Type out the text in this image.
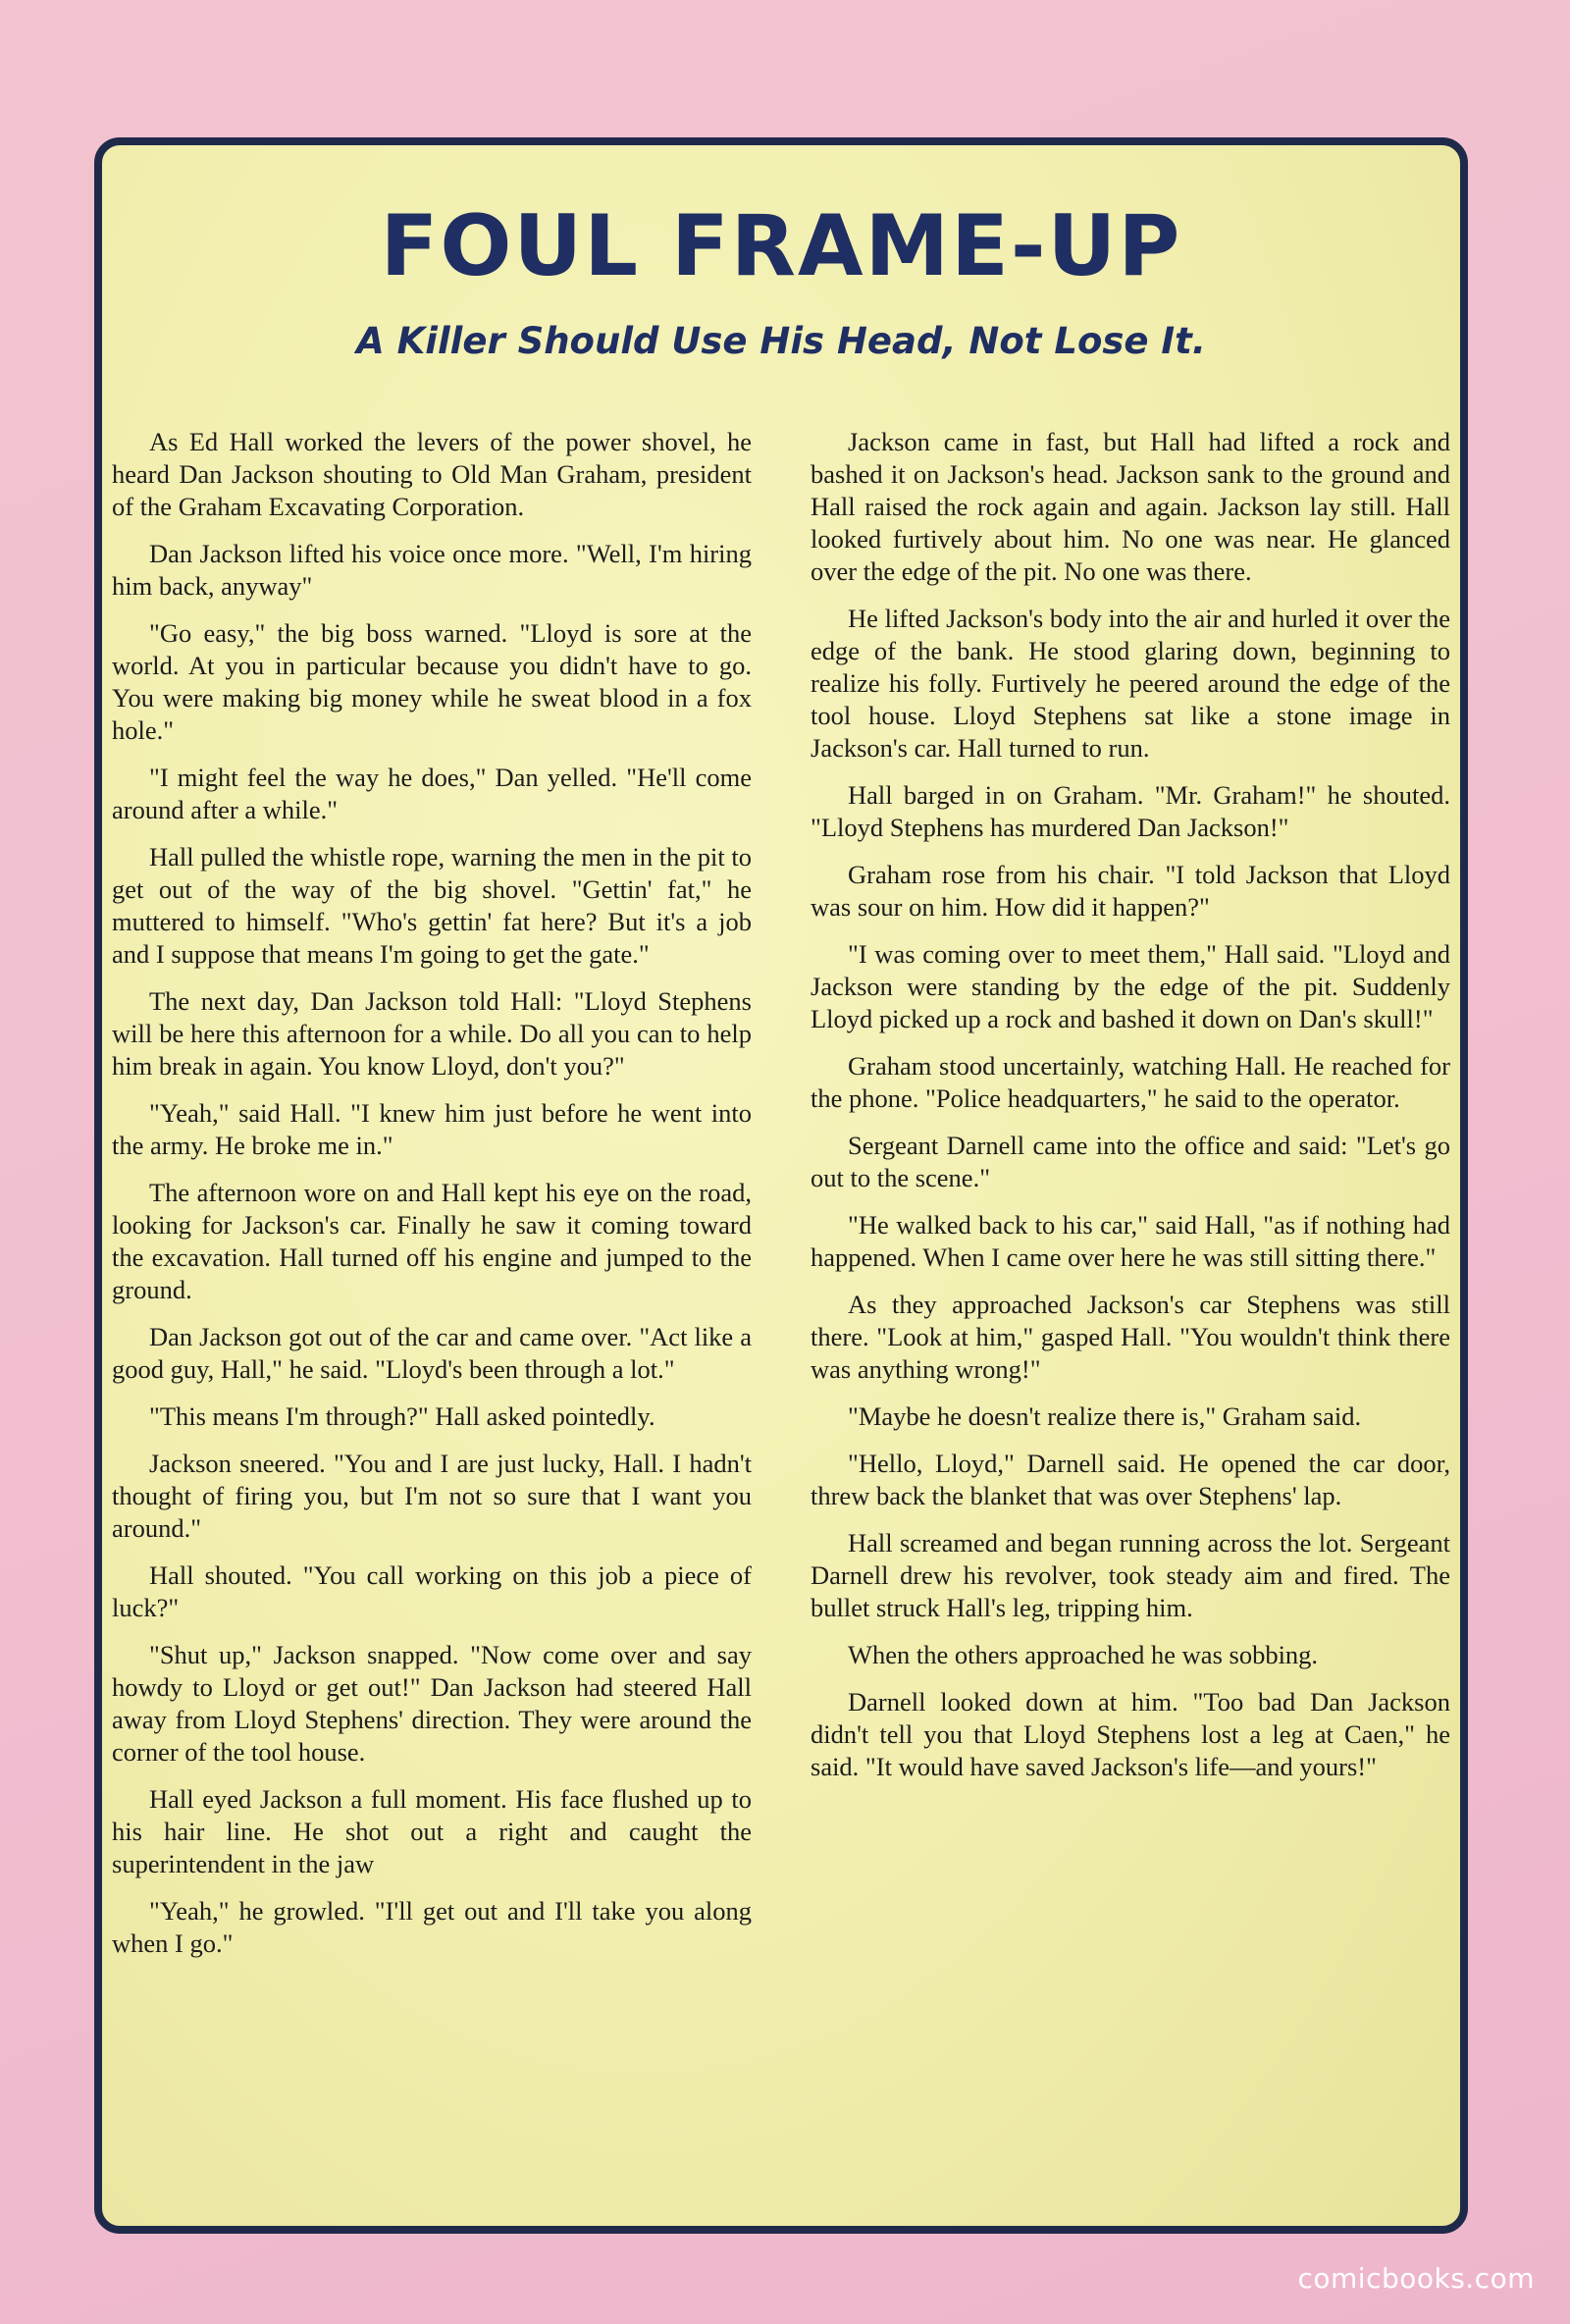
FOUL FRAME-UP
A Killer Should Use His Head, Not Lose It.

As Ed Hall worked the levers of the power shovel, he heard Dan Jackson shouting to Old Man Graham, president of the Graham Excavating Corporation.

Dan Jackson lifted his voice once more. "Well, I'm hiring him back, anyway"

"Go easy," the big boss warned. "Lloyd is sore at the world. At you in particular because you didn't have to go. You were making big money while he sweat blood in a fox hole."

"I might feel the way he does," Dan yelled. "He'll come around after a while."

Hall pulled the whistle rope, warning the men in the pit to get out of the way of the big shovel. "Gettin' fat," he muttered to himself. "Who's gettin' fat here? But it's a job and I suppose that means I'm going to get the gate."

The next day, Dan Jackson told Hall: "Lloyd Stephens will be here this afternoon for a while. Do all you can to help him break in again. You know Lloyd, don't you?"

"Yeah," said Hall. "I knew him just before he went into the army. He broke me in."

The afternoon wore on and Hall kept his eye on the road, looking for Jackson's car. Finally he saw it coming toward the excavation. Hall turned off his engine and jumped to the ground.

Dan Jackson got out of the car and came over. "Act like a good guy, Hall," he said. "Lloyd's been through a lot."

"This means I'm through?" Hall asked pointedly.

Jackson sneered. "You and I are just lucky, Hall. I hadn't thought of firing you, but I'm not so sure that I want you around."

Hall shouted. "You call working on this job a piece of luck?"

"Shut up," Jackson snapped. "Now come over and say howdy to Lloyd or get out!" Dan Jackson had steered Hall away from Lloyd Stephens' direction. They were around the corner of the tool house.

Hall eyed Jackson a full moment. His face flushed up to his hair line. He shot out a right and caught the superintendent in the jaw

"Yeah," he growled. "I'll get out and I'll take you along when I go."

Jackson came in fast, but Hall had lifted a rock and bashed it on Jackson's head. Jackson sank to the ground and Hall raised the rock again and again. Jackson lay still. Hall looked furtively about him. No one was near. He glanced over the edge of the pit. No one was there.

He lifted Jackson's body into the air and hurled it over the edge of the bank. He stood glaring down, beginning to realize his folly. Furtively he peered around the edge of the tool house. Lloyd Stephens sat like a stone image in Jackson's car. Hall turned to run.

Hall barged in on Graham. "Mr. Graham!" he shouted. "Lloyd Stephens has murdered Dan Jackson!"

Graham rose from his chair. "I told Jackson that Lloyd was sour on him. How did it happen?"

"I was coming over to meet them," Hall said. "Lloyd and Jackson were standing by the edge of the pit. Suddenly Lloyd picked up a rock and bashed it down on Dan's skull!"

Graham stood uncertainly, watching Hall. He reached for the phone. "Police headquarters," he said to the operator.

Sergeant Darnell came into the office and said: "Let's go out to the scene."

"He walked back to his car," said Hall, "as if nothing had happened. When I came over here he was still sitting there."

As they approached Jackson's car Stephens was still there. "Look at him," gasped Hall. "You wouldn't think there was anything wrong!"

"Maybe he doesn't realize there is," Graham said.

"Hello, Lloyd," Darnell said. He opened the car door, threw back the blanket that was over Stephens' lap.

Hall screamed and began running across the lot. Sergeant Darnell drew his revolver, took steady aim and fired. The bullet struck Hall's leg, tripping him.

When the others approached he was sobbing.

Darnell looked down at him. "Too bad Dan Jackson didn't tell you that Lloyd Stephens lost a leg at Caen," he said. "It would have saved Jackson's life—and yours!"

comicbooks.com
